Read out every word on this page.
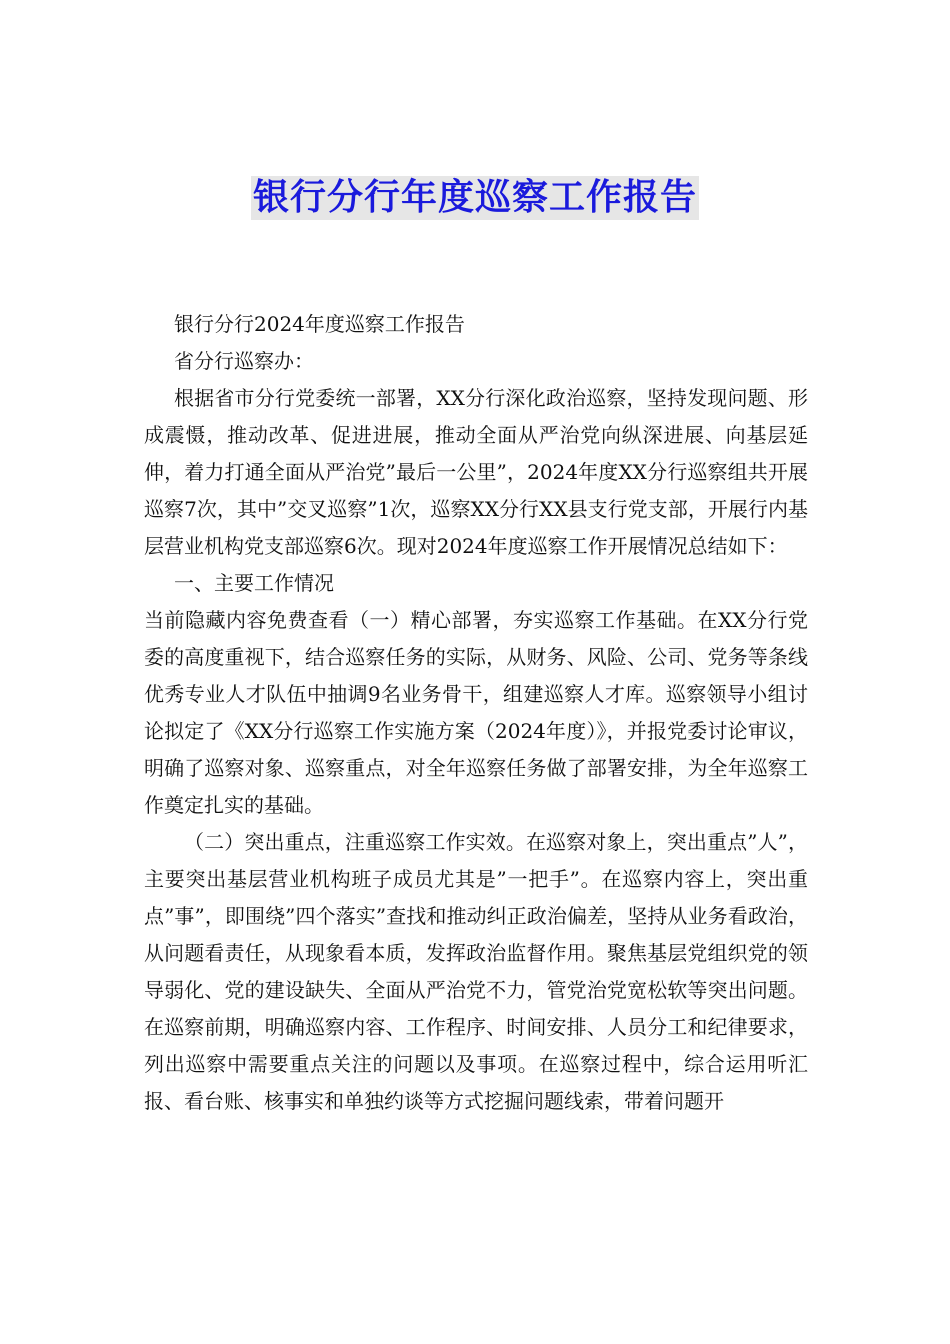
银行分行年度巡察工作报告

银行分行2024年度巡察工作报告

省分行巡察办：

根据省市分行党委统一部署，XX分行深化政治巡察，坚持发现问题、形成震慑，推动改革、促进进展，推动全面从严治党向纵深进展、向基层延伸，着力打通全面从严治党”最后一公里”，2024年度XX分行巡察组共开展巡察7次，其中”交叉巡察”1次，巡察XX分行XX县支行党支部，开展行内基层营业机构党支部巡察6次。现对2024年度巡察工作开展情况总结如下：

一、主要工作情况

当前隐藏内容免费查看（一）精心部署，夯实巡察工作基础。在XX分行党委的高度重视下，结合巡察任务的实际，从财务、风险、公司、党务等条线优秀专业人才队伍中抽调9名业务骨干，组建巡察人才库。巡察领导小组讨论拟定了《XX分行巡察工作实施方案（2024年度）》，并报党委讨论审议，明确了巡察对象、巡察重点，对全年巡察任务做了部署安排，为全年巡察工作奠定扎实的基础。

（二）突出重点，注重巡察工作实效。在巡察对象上，突出重点”人”，主要突出基层营业机构班子成员尤其是”一把手”。在巡察内容上，突出重点”事”，即围绕”四个落实”查找和推动纠正政治偏差，坚持从业务看政治，从问题看责任，从现象看本质，发挥政治监督作用。聚焦基层党组织党的领导弱化、党的建设缺失、全面从严治党不力，管党治党宽松软等突出问题。在巡察前期，明确巡察内容、工作程序、时间安排、人员分工和纪律要求，列出巡察中需要重点关注的问题以及事项。在巡察过程中，综合运用听汇报、看台账、核事实和单独约谈等方式挖掘问题线索，带着问题开
